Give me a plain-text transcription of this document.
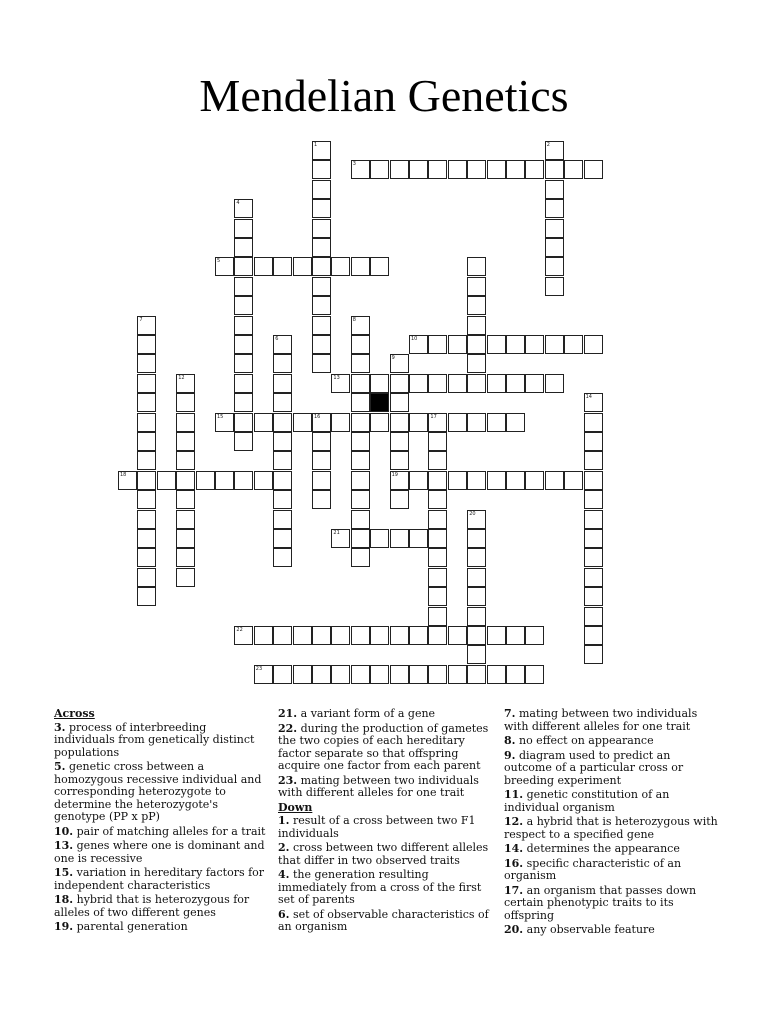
Mendelian Genetics
1	2
3
4
5
7	8
9
19
10
6
13
12
14
15	16	17
18
20
21
22
23
Across
3. process of interbreeding individuals from genetically distinct populations
5. genetic cross between a homozygous recessive individual and corresponding heterozygote to determine the heterozygote's genotype (PP x pP)
10. pair of matching alleles for a trait
13. genes where one is dominant and one is recessive
15. variation in hereditary factors for independent characteristics
18. hybrid that is heterozygous for alleles of two different genes
19. parental generation
21. a variant form of a gene
22. during the production of gametes the two copies of each hereditary factor separate so that offspring acquire one factor from each parent
23. mating between two individuals with different alleles for one trait
Down
1. result of a cross between two F1 individuals
2. cross between two different alleles that differ in two observed traits
4. the generation resulting immediately from a cross of the first set of parents
6. set of observable characteristics of an organism
7. mating between two individuals with different alleles for one trait
8. no effect on appearance
9. diagram used to predict an outcome of a particular cross or breeding experiment
11. genetic constitution of an individual organism
12. a hybrid that is heterozygous with respect to a specified gene
14. determines the appearance
16. specific characteristic of an organism
17. an organism that passes down certain phenotypic traits to its offspring
20. any observable feature
